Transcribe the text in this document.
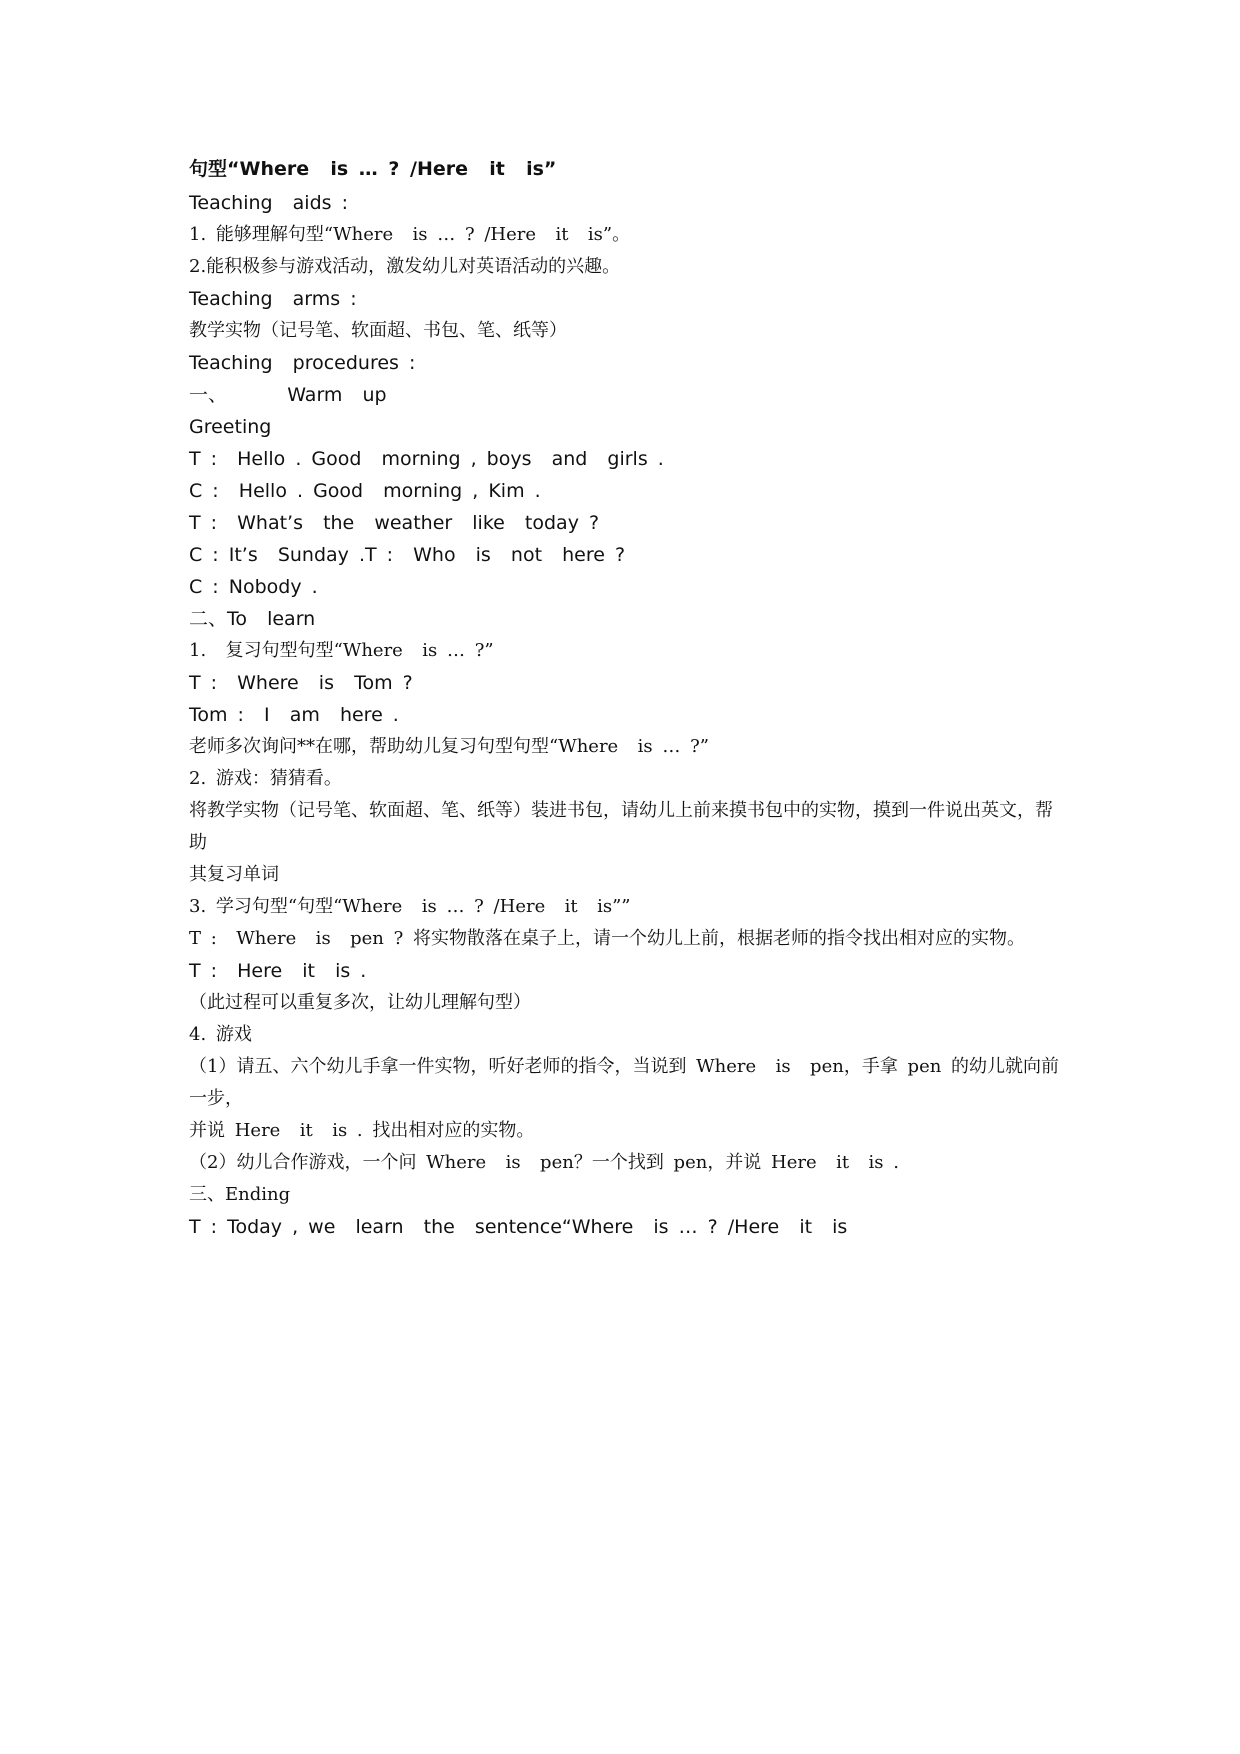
句型“Where  is … ? /Here  it  is”
Teaching  aids :
1. 能够理解句型“Where  is … ? /Here  it  is”。
2.能积极参与游戏活动，激发幼儿对英语活动的兴趣。
Teaching  arms :
教学实物（记号笔、软面超、书包、笔、纸等）
Teaching  procedures :
一、      Warm  up
Greeting
T :  Hello . Good  morning , boys  and  girls .
C :  Hello . Good  morning , Kim .
T :  What’s  the  weather  like  today ?
C : It’s  Sunday .T :  Who  is  not  here ?
C : Nobody .
二、To  learn
1.  复习句型句型“Where  is … ?”
T :  Where  is  Tom ?
Tom :  I  am  here .
老师多次询问**在哪，帮助幼儿复习句型句型“Where  is … ?”
2. 游戏：猜猜看。
将教学实物（记号笔、软面超、笔、纸等）装进书包，请幼儿上前来摸书包中的实物，摸到一件说出英文，帮助
其复习单词
3. 学习句型“句型“Where  is … ? /Here  it  is””
T :  Where  is  pen ? 将实物散落在桌子上，请一个幼儿上前，根据老师的指令找出相对应的实物。
T :  Here  it  is .
（此过程可以重复多次，让幼儿理解句型）
4. 游戏
（1）请五、六个幼儿手拿一件实物，听好老师的指令，当说到 Where  is  pen，手拿 pen 的幼儿就向前一步，
并说 Here  it  is . 找出相对应的实物。
（2）幼儿合作游戏，一个问 Where  is  pen？一个找到 pen，并说 Here  it  is .
三、Ending
T : Today , we  learn  the  sentence“Where  is … ? /Here  it  is
